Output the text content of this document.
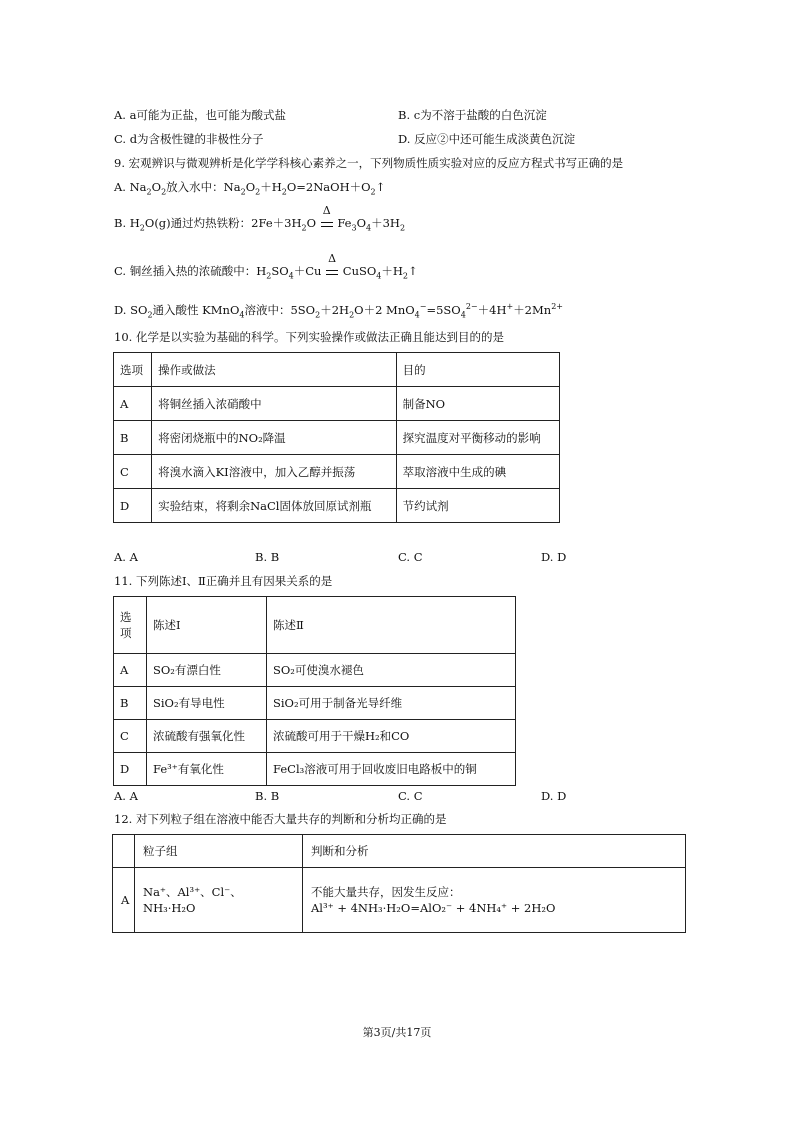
A. a可能为正盐，也可能为酸式盐	B. c为不溶于盐酸的白色沉淀
C. d为含极性键的非极性分子	D. 反应②中还可能生成淡黄色沉淀
9. 宏观辨识与微观辨析是化学学科核心素养之一，下列物质性质实验对应的反应方程式书写正确的是
A. $Na_2O_2$放入水中：$Na_2O_2+H_2O=2NaOH+O_2↑$
B. $H_2O(g)$通过灼热铁粉：$2Fe+3H_2O$
Δ
$Fe_3O_4+3H_2$
C. 铜丝插入热的浓硫酸中：$H_2SO_4+Cu$
Δ
$CuSO_4+H_2↑$
D. $SO_2$通入酸性 KMnO$_4$溶液中：$5SO_2+2H_2O+2$ $MnO_4^-=5SO_4^{2-}+4H^++2Mn^{2+}$
10. 化学是以实验为基础的科学。下列实验操作或做法正确且能达到目的的是
选项	操作或做法	目的
A	将铜丝插入浓硝酸中	制备NO
B	将密闭烧瓶中的NO₂降温	探究温度对平衡移动的影响
C	将溴水滴入KI溶液中，加入乙醇并振荡	萃取溶液中生成的碘
D	实验结束，将剩余NaCl固体放回原试剂瓶	节约试剂
A. A	B. B	C. C	D. D
11. 下列陈述Ⅰ、Ⅱ正确并且有因果关系的是
选
项	陈述Ⅰ	陈述Ⅱ
A	SO₂有漂白性	SO₂可使溴水褪色
B	SiO₂有导电性	SiO₂可用于制备光导纤维
C	浓硫酸有强氧化性	浓硫酸可用于干燥H₂和CO
D	Fe³⁺有氧化性	FeCl₃溶液可用于回收废旧电路板中的铜
A. A	B. B	C. C	D. D
12. 对下列粒子组在溶液中能否大量共存的判断和分析均正确的是
	粒子组	判断和分析
A	Na⁺、Al³⁺、Cl⁻、
NH₃·H₂O	不能大量共存，因发生反应：
Al³⁺ + 4NH₃·H₂O=AlO₂⁻ + 4NH₄⁺ + 2H₂O
第3页/共17页
